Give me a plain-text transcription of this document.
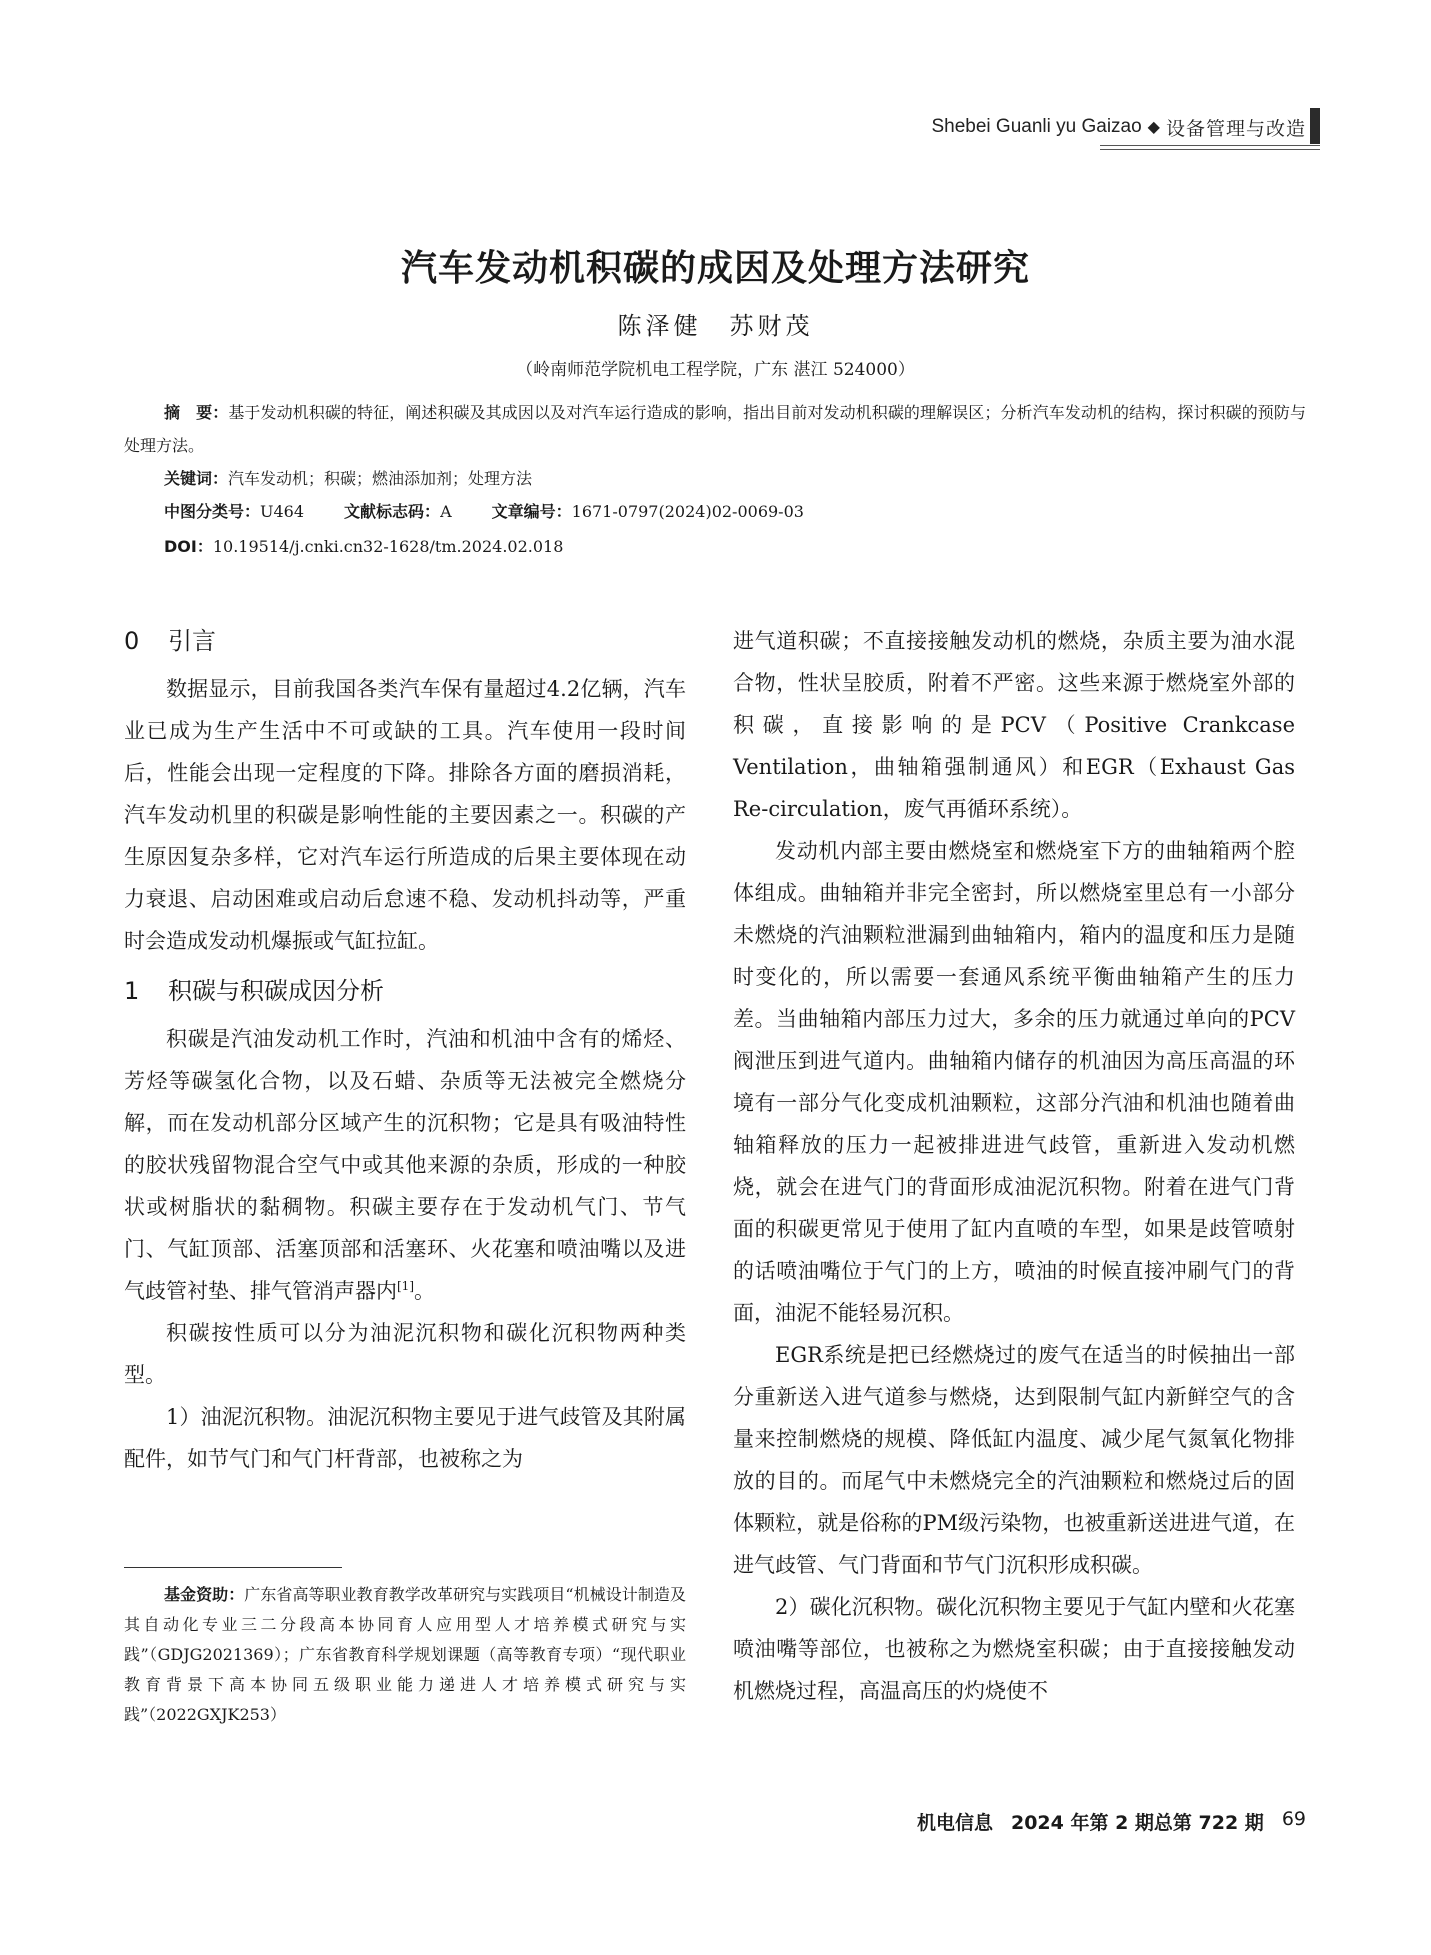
Shebei Guanli yu Gaizao ◆ 设备管理与改造
汽车发动机积碳的成因及处理方法研究
陈泽健　苏财茂
（岭南师范学院机电工程学院，广东 湛江 524000）
摘　要：基于发动机积碳的特征，阐述积碳及其成因以及对汽车运行造成的影响，指出目前对发动机积碳的理解误区；分析汽车发动机的结构，探讨积碳的预防与处理方法。
关键词：汽车发动机；积碳；燃油添加剂；处理方法
中图分类号：U464	文献标志码：A	文章编号：1671-0797(2024)02-0069-03
DOI：10.19514/j.cnki.cn32-1628/tm.2024.02.018
0 引言

数据显示，目前我国各类汽车保有量超过4.2亿辆，汽车业已成为生产生活中不可或缺的工具。汽车使用一段时间后，性能会出现一定程度的下降。排除各方面的磨损消耗，汽车发动机里的积碳是影响性能的主要因素之一。积碳的产生原因复杂多样，它对汽车运行所造成的后果主要体现在动力衰退、启动困难或启动后怠速不稳、发动机抖动等，严重时会造成发动机爆振或气缸拉缸。

1 积碳与积碳成因分析

积碳是汽油发动机工作时，汽油和机油中含有的烯烃、芳烃等碳氢化合物，以及石蜡、杂质等无法被完全燃烧分解，而在发动机部分区域产生的沉积物；它是具有吸油特性的胶状残留物混合空气中或其他来源的杂质，形成的一种胶状或树脂状的黏稠物。积碳主要存在于发动机气门、节气门、气缸顶部、活塞顶部和活塞环、火花塞和喷油嘴以及进气歧管衬垫、排气管消声器内[1]。

积碳按性质可以分为油泥沉积物和碳化沉积物两种类型。

1）油泥沉积物。油泥沉积物主要见于进气歧管及其附属配件，如节气门和气门杆背部，也被称之为

基金资助：广东省高等职业教育教学改革研究与实践项目“机械设计制造及其自动化专业三二分段高本协同育人应用型人才培养模式研究与实践”（GDJG2021369）；广东省教育科学规划课题（高等教育专项）“现代职业教育背景下高本协同五级职业能力递进人才培养模式研究与实践”（2022GXJK253）

进气道积碳；不直接接触发动机的燃烧，杂质主要为油水混合物，性状呈胶质，附着不严密。这些来源于燃烧室外部的积碳，直接影响的是PCV（Positive Crankcase Ventilation，曲轴箱强制通风）和EGR（Exhaust Gas Re-circulation，废气再循环系统）。

发动机内部主要由燃烧室和燃烧室下方的曲轴箱两个腔体组成。曲轴箱并非完全密封，所以燃烧室里总有一小部分未燃烧的汽油颗粒泄漏到曲轴箱内，箱内的温度和压力是随时变化的，所以需要一套通风系统平衡曲轴箱产生的压力差。当曲轴箱内部压力过大，多余的压力就通过单向的PCV阀泄压到进气道内。曲轴箱内储存的机油因为高压高温的环境有一部分气化变成机油颗粒，这部分汽油和机油也随着曲轴箱释放的压力一起被排进进气歧管，重新进入发动机燃烧，就会在进气门的背面形成油泥沉积物。附着在进气门背面的积碳更常见于使用了缸内直喷的车型，如果是歧管喷射的话喷油嘴位于气门的上方，喷油的时候直接冲刷气门的背面，油泥不能轻易沉积。

EGR系统是把已经燃烧过的废气在适当的时候抽出一部分重新送入进气道参与燃烧，达到限制气缸内新鲜空气的含量来控制燃烧的规模、降低缸内温度、减少尾气氮氧化物排放的目的。而尾气中未燃烧完全的汽油颗粒和燃烧过后的固体颗粒，就是俗称的PM级污染物，也被重新送进进气道，在进气歧管、气门背面和节气门沉积形成积碳。

2）碳化沉积物。碳化沉积物主要见于气缸内壁和火花塞喷油嘴等部位，也被称之为燃烧室积碳；由于直接接触发动机燃烧过程，高温高压的灼烧使不

机电信息 2024 年第 2 期总第 722 期 69
